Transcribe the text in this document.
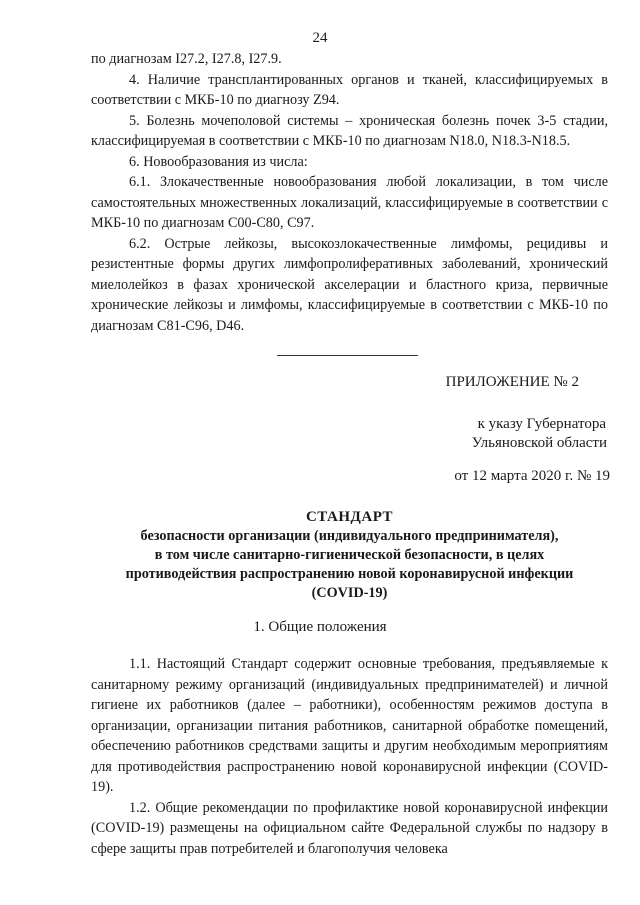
24

по диагнозам I27.2, I27.8, I27.9.

4. Наличие трансплантированных органов и тканей, классифицируемых в соответствии с МКБ-10 по диагнозу Z94.

5. Болезнь мочеполовой системы – хроническая болезнь почек 3-5 стадии, классифицируемая в соответствии с МКБ-10 по диагнозам N18.0, N18.3-N18.5.

6. Новообразования из числа:

6.1. Злокачественные новообразования любой локализации, в том числе самостоятельных множественных локализаций, классифицируемые в соответствии с МКБ-10 по диагнозам C00-C80, C97.

6.2. Острые лейкозы, высокозлокачественные лимфомы, рецидивы и резистентные формы других лимфопролиферативных заболеваний, хронический миелолейкоз в фазах хронической акселерации и бластного криза, первичные хронические лейкозы и лимфомы, классифицируемые в соответствии с МКБ-10 по диагнозам C81-C96, D46.

ПРИЛОЖЕНИЕ № 2
к указу Губернатора
Ульяновской области
от 12 марта 2020 г. № 19
СТАНДАРТ
безопасности организации (индивидуального предпринимателя),
в том числе санитарно-гигиенической безопасности, в целях
противодействия распространению новой коронавирусной инфекции
(COVID-19)
1. Общие положения

1.1. Настоящий Стандарт содержит основные требования, предъявляемые к санитарному режиму организаций (индивидуальных предпринимателей) и личной гигиене их работников (далее – работники), особенностям режимов доступа в организации, организации питания работников, санитарной обработке помещений, обеспечению работников средствами защиты и другим необходимым мероприятиям для противодействия распространению новой коронавирусной инфекции (COVID-19).

1.2. Общие рекомендации по профилактике новой коронавирусной инфекции (COVID-19) размещены на официальном сайте Федеральной службы по надзору в сфере защиты прав потребителей и благополучия человека
